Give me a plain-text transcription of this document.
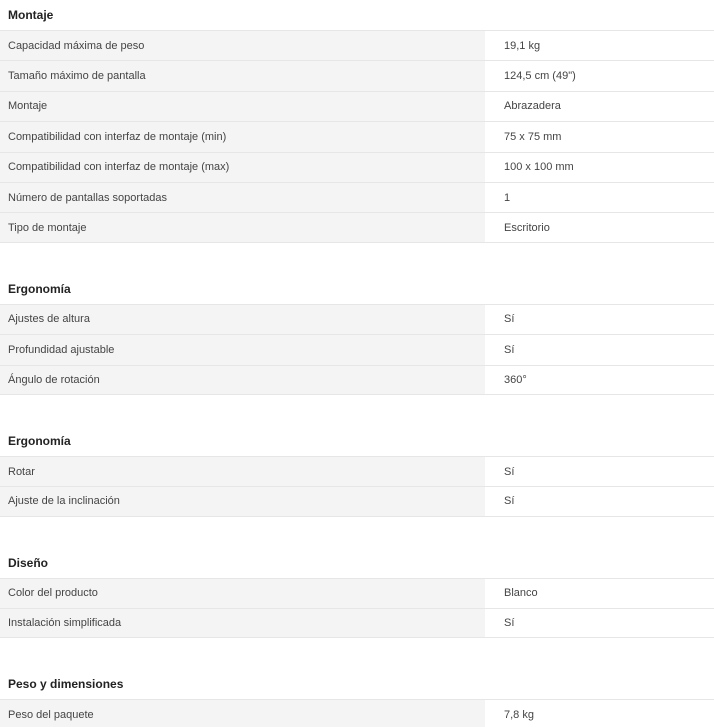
Montaje
Capacidad máxima de peso	19,1 kg
Tamaño máximo de pantalla	124,5 cm (49")
Montaje	Abrazadera
Compatibilidad con interfaz de montaje (min)	75 x 75 mm
Compatibilidad con interfaz de montaje (max)	100 x 100 mm
Número de pantallas soportadas	1
Tipo de montaje	Escritorio
Ergonomía
Ajustes de altura	Sí
Profundidad ajustable	Sí
Ángulo de rotación	360°
Ergonomía
Rotar	Sí
Ajuste de la inclinación	Sí
Diseño
Color del producto	Blanco
Instalación simplificada	Sí
Peso y dimensiones
Peso del paquete	7,8 kg
